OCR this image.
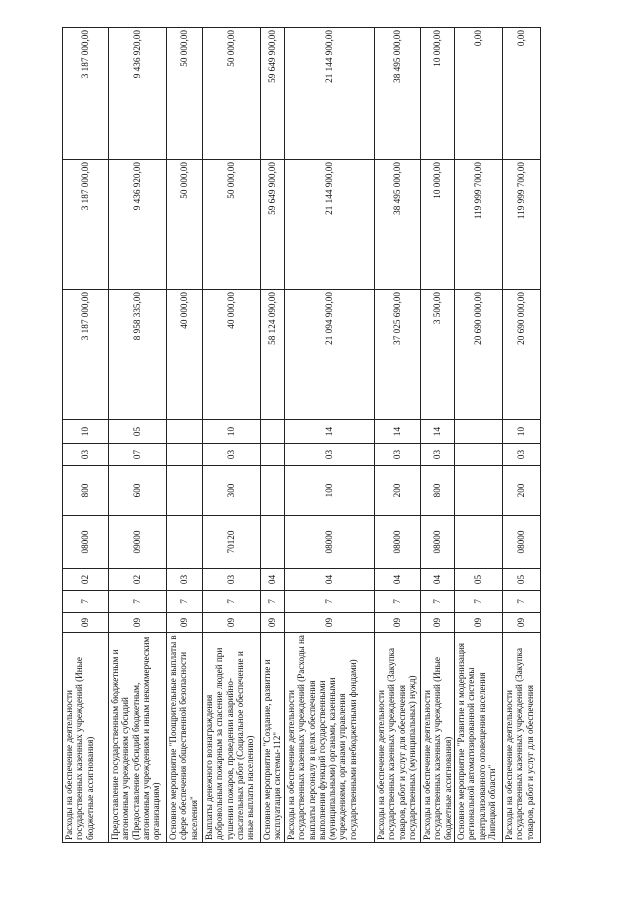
Расходы на обеспечение деятельности государственных казенных учреждений (Иные бюджетные ассигнования)	09	7	02	08000	800	03	10	3 187 000,00	3 187 000,00	3 187 000,00
Предоставление государственным бюджетным и автономным учреждениям субсидий (Предоставление субсидий бюджетным, автономным учреждениям и иным некоммерческим организациям)	09	7	02	09000	600	07	05	8 958 335,00	9 436 920,00	9 436 920,00
Основное мероприятие "Поощрительные выплаты в сфере обеспечения общественной безопасности населения"	09	7	03					40 000,00	50 000,00	50 000,00
Выплаты денежного вознаграждения добровольным пожарным за спасение людей при тушении пожаров, проведении аварийно-спасательных работ (Социальное обеспечение и иные выплаты населению)	09	7	03	70120	300	03	10	40 000,00	50 000,00	50 000,00
Основное мероприятие "Создание, развитие и эксплуатация системы-112"	09	7	04					58 124 090,00	59 649 900,00	59 649 900,00
Расходы на обеспечение деятельности государственных казенных учреждений (Расходы на выплаты персоналу в целях обеспечения выполнения функций государственными (муниципальными) органами, казенными учреждениями, органами управления государственными внебюджетными фондами)	09	7	04	08000	100	03	14	21 094 900,00	21 144 900,00	21 144 900,00
Расходы на обеспечение деятельности государственных казенных учреждений (Закупка товаров, работ и услуг для обеспечения государственных (муниципальных) нужд)	09	7	04	08000	200	03	14	37 025 690,00	38 495 000,00	38 495 000,00
Расходы на обеспечение деятельности государственных казенных учреждений (Иные бюджетные ассигнования)	09	7	04	08000	800	03	14	3 500,00	10 000,00	10 000,00
Основное мероприятие "Развитие и модернизация региональной автоматизированной системы централизованного оповещения населения Липецкой области"	09	7	05					20 690 000,00	119 999 700,00	0,00
Расходы на обеспечение деятельности государственных казенных учреждений (Закупка товаров, работ и услуг для обеспечения	09	7	05	08000	200	03	10	20 690 000,00	119 999 700,00	0,00
